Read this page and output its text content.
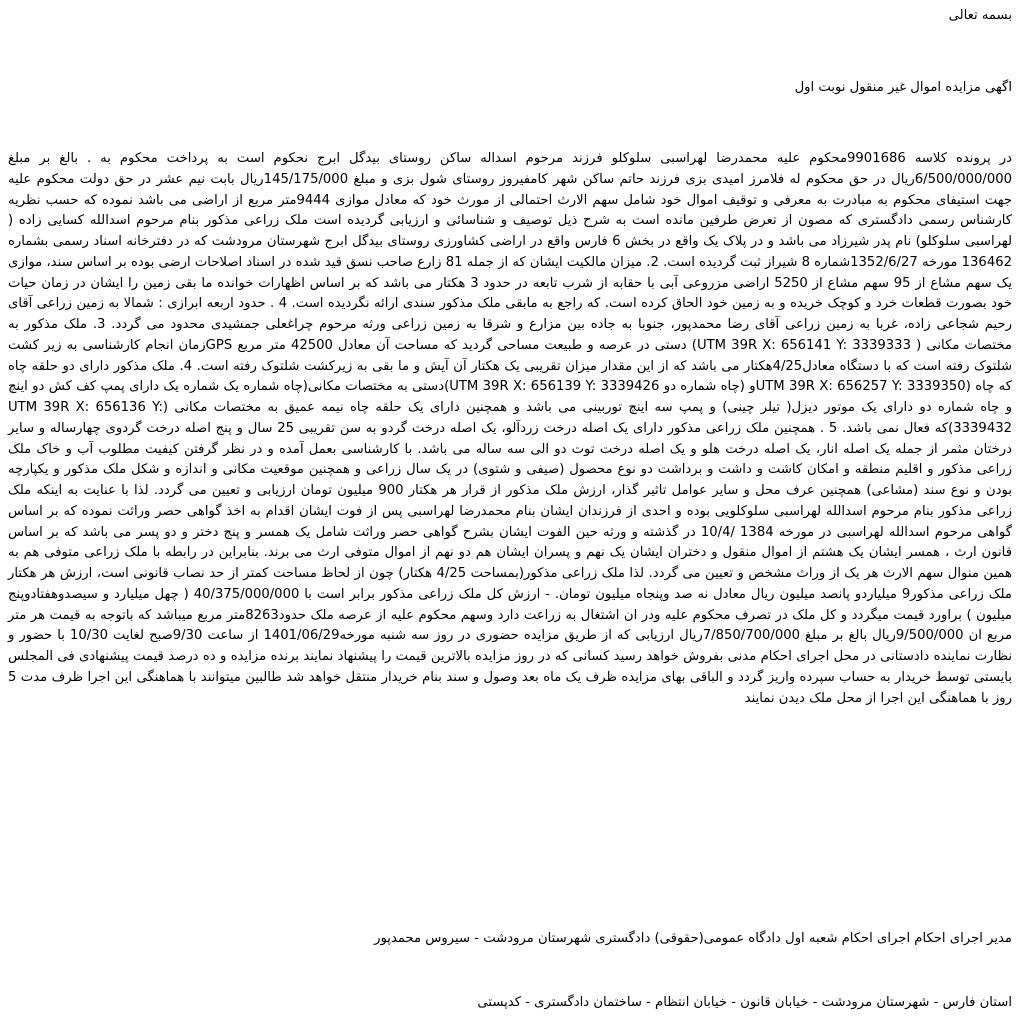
بسمه تعالی

اگهی مزایده اموال غیر منقول نوبت اول

در پرونده کلاسه 9901686محکوم علیه محمدرضا لهراسبی سلوکلو فرزند مرحوم اسداله ساکن روستای بیدگل ابرج نحکوم است به پرداخت محکوم به . بالغ بر مبلغ 6/500/000/000ریال در حق محکوم له فلامرز امیدی بزی فرزند حاتم ساکن شهر کامفیروز روستای شول بزی و مبلغ 145/175/000ریال بابت نیم عشر در حق دولت محکوم علیه جهت استیفای محکوم به مبادرت به معرفی و توقیف اموال خود شامل سهم الارث احتمالی از مورث خود که معادل موازی 9444متر مربع از اراضی می باشد نموده که حسب نظریه کارشناس رسمی دادگستری که مصون از تعرض طرفین مانده است به شرح ذیل توصیف و شناسائی و ارزیابی گردیده است ملک زراعی مذکور بنام مرحوم اسدالله کسایی زاده ( لهراسبی سلوکلو) نام پدر شیرزاد می باشد و در پلاک یک واقع در بخش 6 فارس واقع در اراضی کشاورزی روستای بیدگل ابرج شهرستان مرودشت که در دفترخانه اسناد رسمی بشماره 136462 مورخه 1352/6/27شماره 8 شیراز ثبت گردیده است. 2. میزان مالکیت ایشان که از جمله 81 زارع صاحب نسق قید شده در اسناد اصلاحات ارضی بوده بر اساس سند، موازی یک سهم مشاع از 95 سهم مشاع از 5250 اراضی مزروعی آبی با حقابه از شرب تابعه در حدود 3 هکتار می باشد که بر اساس اظهارات خوانده ما بقی زمین را ایشان در زمان حیات خود بصورت قطعات خرد و کوچک خریده و به زمین خود الحاق کرده است. که راجع به مابقی ملک مذکور سندی ارائه نگردیده است. 4 . حدود اربعه ابرازی : شمالا به زمین زراعی آقای رحیم شجاعی زاده، غربا به زمین زراعی آقای رضا محمدپور، جنوبا به جاده بین مزارع و شرقا به زمین زراعی ورثه مرحوم چراغعلی جمشیدی محدود می گردد. 3. ملک مذکور به مختصات مکانی ( UTM 39R X: 656141 Y: 3339333) دستی در عرصه و طبیعت مساحی گردید که مساحت آن معادل 42500 متر مربع GPSزمان انجام کارشناسی به زیر کشت شلتوک رفته است که با دستگاه معادل4/25هکتار می باشد که از این مقدار میزان تقریبی یک هکتار آن آیش و ما بقی به زیرکشت شلتوک رفته است. 4. ملک مذکور دارای دو حلقه چاه که چاه (UTM 39R X: 656257 Y: 3339350و (چاه شماره دو UTM 39R X: 656139 Y: 3339426)دستی به مختصات مکانی(چاه شماره یک شماره یک دارای پمپ کف کش دو اینچ و چاه شماره دو دارای یک موتور دیزل( تیلر چینی) و پمپ سه اینچ توربینی می باشد و همچنین دارای یک حلقه چاه نیمه عمیق به مختصات مکانی (UTM 39R X: 656136 Y: 3339432)که فعال نمی باشد. 5 . همچنین ملک زراعی مذکور دارای یک اصله درخت زردآلو، یک اصله درخت گردو به سن تقریبی 25 سال و پنج اصله درخت گردوی چهارساله و سایر درختان مثمر از جمله یک اصله انار، یک اصله درخت هلو و یک اصله درخت توت دو الی سه ساله می باشد. با کارشناسی بعمل آمده و در نظر گرفتن کیفیت مطلوب آب و خاک ملک زراعی مذکور و اقلیم منطقه و امکان کاشت و داشت و برداشت دو نوع محصول (صیفی و شتوی) در یک سال زراعی و همچنین موقعیت مکانی و اندازه و شکل ملک مذکور و یکپارچه بودن و نوع سند (مشاعی) همچنین عرف محل و سایر عوامل تاثیر گذار، ارزش ملک مذکور از قرار هر هکتار 900 میلیون تومان ارزیابی و تعیین می گردد. لذا با عنایت به اینکه ملک زراعی مذکور بنام مرحوم اسدالله لهراسبی سلوکلویی بوده و احدی از فرزندان ایشان بنام محمدرضا لهراسبی پس از فوت ایشان اقدام به اخذ گواهی حصر وراثت نموده که بر اساس گواهی مرحوم اسدالله لهراسبی در مورخه 1384 /10/4 در گذشته و ورثه حین الفوت ایشان بشرح گواهی حصر وراثت شامل یک همسر و پنج دختر و دو پسر می باشد که بر اساس قانون ارث ، همسر ایشان یک هشتم از اموال منقول و دختران ایشان یک نهم و پسران ایشان هم دو نهم از اموال متوفی ارث می برند. بنابراین در رابطه با ملک زراعی متوفی هم به همین منوال سهم الارث هر یک از وراث مشخص و تعیین می گردد. لذا ملک زراعی مذکور(بمساحت 4/25 هکتار) چون از لحاظ مساحت کمتر از حد نصاب قانونی است، ارزش هر هکتار ملک زراعی مذکور9 میلیاردو پانصد میلیون ریال معادل نه صد وپنجاه میلیون تومان. - ارزش کل ملک زراعی مذکور برابر است با 40/375/000/000 ( چهل میلیارد و سیصدوهفتادوپنج میلیون ) براورد قیمت میگردد و کل ملک در تصرف محکوم علیه ودر ان اشتغال به زراعت دارد وسهم محکوم علیه از عرصه ملک حدود8263متر مربع میباشد که باتوجه به قیمت هر متر مربع ان 9/500/000ریال بالغ بر مبلغ 7/850/700/000ریال ارزیابی که از طریق مزایده حضوری در روز سه شنبه مورخه1401/06/29 از ساعت 9/30صبح لغایت 10/30 با حضور و نظارت نماینده دادستانی در محل اجرای احکام مدنی بفروش خواهد رسید کسانی که در روز مزایده بالاترین قیمت را پیشنهاد نمایند برنده مزایده و ده درصد قیمت پیشنهادی فی المجلس بایستی توسط خریدار به حساب سپرده واریز گردد و الباقی بهای مزایده ظرف یک ماه بعد وصول و سند بنام خریدار منتقل خواهد شد طالبین میتوانند با هماهنگی این اجرا ظرف مدت 5 روز با هماهنگی این اجرا از محل ملک دیدن نمایند

مدیر اجرای احکام اجرای احکام شعبه اول دادگاه عمومی(حقوقی) دادگستری شهرستان مرودشت - سیروس محمدپور

استان فارس - شهرستان مرودشت - خیابان قانون - خیابان انتظام - ساختمان دادگستری - کدپستی
